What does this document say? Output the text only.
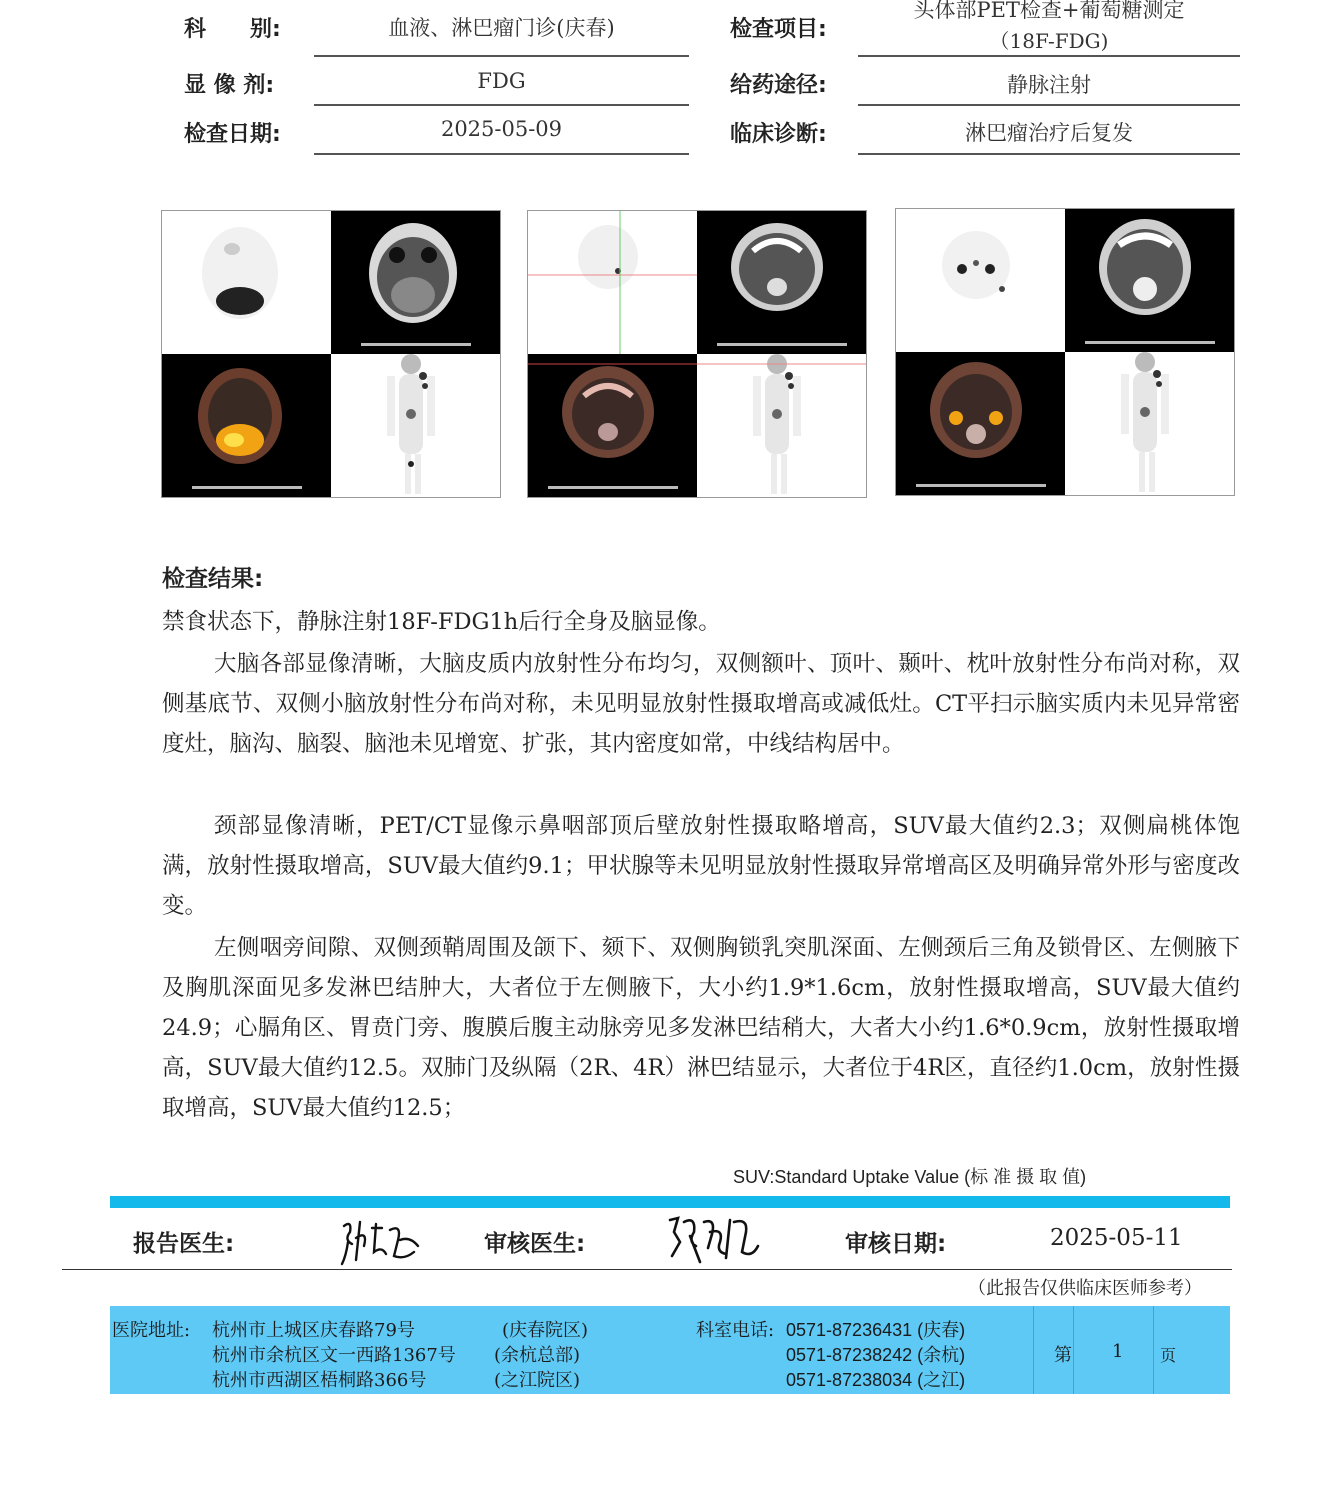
科　　别:	血液、淋巴瘤门诊(庆春)	检查项目:
头体部PET检查+葡萄糖测定
（18F-FDG)
显 像 剂:	FDG	给药途径:	静脉注射
检查日期:	2025-05-09	临床诊断:	淋巴瘤治疗后复发
检查结果:
禁食状态下，静脉注射18F-FDG1h后行全身及脑显像。
大脑各部显像清晰，大脑皮质内放射性分布均匀，双侧额叶、顶叶、颞叶、枕叶放射性分布尚对称，双侧基底节、双侧小脑放射性分布尚对称，未见明显放射性摄取增高或减低灶。CT平扫示脑实质内未见异常密度灶，脑沟、脑裂、脑池未见增宽、扩张，其内密度如常，中线结构居中。
颈部显像清晰，PET/CT显像示鼻咽部顶后壁放射性摄取略增高，SUV最大值约2.3；双侧扁桃体饱满，放射性摄取增高，SUV最大值约9.1；甲状腺等未见明显放射性摄取异常增高区及明确异常外形与密度改变。
左侧咽旁间隙、双侧颈鞘周围及颌下、颏下、双侧胸锁乳突肌深面、左侧颈后三角及锁骨区、左侧腋下及胸肌深面见多发淋巴结肿大，大者位于左侧腋下，大小约1.9*1.6cm，放射性摄取增高，SUV最大值约24.9；心膈角区、胃贲门旁、腹膜后腹主动脉旁见多发淋巴结稍大，大者大小约1.6*0.9cm，放射性摄取增高，SUV最大值约12.5。双肺门及纵隔（2R、4R）淋巴结显示，大者位于4R区，直径约1.0cm，放射性摄取增高，SUV最大值约12.5；
SUV:Standard Uptake Value (标 准 摄 取 值)
报告医生:	审核医生:	审核日期:	2025-05-11
（此报告仅供临床医师参考）
医院地址: 杭州市上城区庆春路79号	(庆春院区)
杭州市余杭区文一西路1367号 (余杭总部)
杭州市西湖区梧桐路366号	(之江院区)
科室电话: 0571-87236431 (庆春)
0571-87238242 (余杭)
0571-87238034 (之江)
第 1 页
